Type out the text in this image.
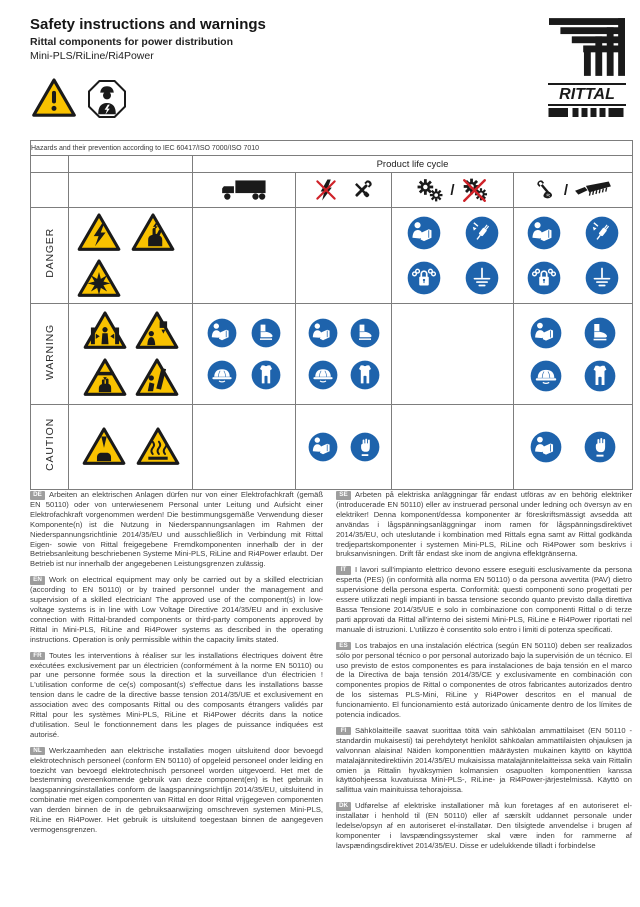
Safety instructions and warnings
Rittal components for power distribution
Mini-PLS/RiLine/Ri4Power
RITTAL
Hazards and their prevention according to IEC 60417/ISO 7000/ISO 7010					
		Product life cycle			

/	/

DANGER	

WARNING	

CAUTION	

DE Arbeiten an elektrischen Anlagen dürfen nur von einer Elektrofachkraft (gemäß EN 50110) oder von unterwiesenem Personal unter Leitung und Aufsicht einer Elektrofachkraft vorgenommen werden! Die bestimmungsgemäße Verwendung dieser Komponente(n) ist die Nutzung in Niederspannungsanlagen im Rahmen der Niederspannungsrichtlinie 2014/35/EU und ausschließlich in Verbindung mit Rittal Eigen- sowie von Rittal freigegebene Fremdkomponenten innerhalb der in der Betriebsanleitung beschriebenen Systeme Mini-PLS, RiLine and Ri4Power erlaubt. Der Betrieb ist nur innerhalb der angegebenen Leistungsgrenzen zulässig.

EN Work on electrical equipment may only be carried out by a skilled electrician (according to EN 50110) or by trained personnel under the management and supervision of a skilled electrician! The approved use of the component(s) in low-voltage systems is in line with Low Voltage Directive 2014/35/EU and in exclusive connection with Rittal-branded components or third-party components approved by Rittal in Mini-PLS, RiLine and Ri4Power systems as described in the operating instructions. Operation is only permissible within the capacity limits stated.

FR Toutes les interventions à réaliser sur les installations électriques doivent être exécutées exclusivement par un électricien (conformément à la norme EN 50110) ou par une personne formée sous la direction et la surveillance d'un électricien ! L'utilisation conforme de ce(s) composant(s) s'effectue dans les installations basse tension dans le cadre de la directive basse tension 2014/35/UE et exclusivement en association avec des composants Rittal ou des composants étrangers validés par Rittal pour les systèmes Mini-PLS, RiLine et Ri4Power décrits dans la notice d'utilisation. Seul le fonctionnement dans les plages de puissance indiquées est autorisé.

NL Werkzaamheden aan elektrische installaties mogen uitsluitend door bevoegd elektrotechnisch personeel (conform EN 50110) of opgeleid personeel onder leiding en toezicht van bevoegd elektrotechnisch personeel worden uitgevoerd. Het met de bestemming overeenkomende gebruik van deze component(en) is het gebruik in laagspanningsinstallaties conform de laagspanningsrichtlijn 2014/35/EU, uitsluitend in combinatie met eigen componenten van Rittal en door Rittal vrijgegeven componenten van derden binnen de in de gebruiksaanwijzing omschreven systemen Mini-PLS, RiLine en Ri4Power. Het gebruik is uitsluitend toegestaan binnen de aangegeven vermogensgrenzen.

SE Arbeten på elektriska anläggningar får endast utföras av en behörig elektriker (introducerade EN 50110) eller av instruerad personal under ledning och översyn av en elektriker! Denna komponent/dessa komponenter är föreskriftsmässigt avsedda att användas i lågspänningsanläggningar inom ramen för lågspänningsdirektivet 2014/35/EU, och uteslutande i kombination med Rittals egna samt av Rittal godkända tredjepartskomponenter i systemen Mini-PLS, RiLine och Ri4Power som beskrivs i bruksanvisningen. Drift får endast ske inom de angivna effektgränserna.

IT I lavori sull'impianto elettrico devono essere eseguiti esclusivamente da persona esperta (PES) (in conformità alla norma EN 50110) o da persona avvertita (PAV) dietro supervisione della persona esperta. Conformità: questi componenti sono progettati per essere utilizzati negli impianti in bassa tensione secondo quanto previsto dalla direttiva Bassa Tensione 2014/35/UE e solo in combinazione con componenti Rittal o di terze parti approvati da Rittal all'interno dei sistemi Mini-PLS, RiLine e Ri4Power riportati nel manuale di istruzioni. L'utilizzo è consentito solo entro i limiti di potenza specificati.

ES Los trabajos en una instalación eléctrica (según EN 50110) deben ser realizados sólo por personal técnico o por personal autorizado bajo la supervisión de un técnico. El uso previsto de estos componentes es para instalaciones de baja tensión en el marco de la Directiva de baja tensión 2014/35/CE y exclusivamente en combinación con componentes propios de Rittal o componentes de otros fabricantes autorizados dentro de los sistemas PLS-Mini, RiLine y Ri4Power descritos en el manual de funcionamiento. El funcionamiento está autorizado únicamente dentro de los límites de potencia indicados.

FI Sähkölaitteille saavat suorittaa töitä vain sähköalan ammattilaiset (EN 50110 -standardin mukaisesti) tai perehdytetyt henkilöt sähköalan ammattilaisten ohjauksen ja valvonnan alaisina! Näiden komponenttien määräysten mukainen käyttö on käyttöä matalajännitedirektiivin 2014/35/EU mukaisissa matalajännitelaitteissa sekä vain Rittalin omien ja Rittalin hyväksymien kolmansien osapuolten komponenttien kanssa käyttöohjeessa kuvatuissa Mini-PLS-, RiLine- ja Ri4Power-järjestelmissä. Käyttö on sallittua vain mainituissa tehorajoissa.

DK Udførelse af elektriske installationer må kun foretages af en autoriseret el-installatør i henhold til (EN 50110) eller af særskilt uddannet personale under ledelse/opsyn af en autoriseret el-installatør. Den tilsigtede anvendelse i brugen af komponenter i lavspændingssystemer skal være inden for rammerne af lavspændingsdirektivet 2014/35/EU. Disse er udelukkende tilladt i forbindelse
